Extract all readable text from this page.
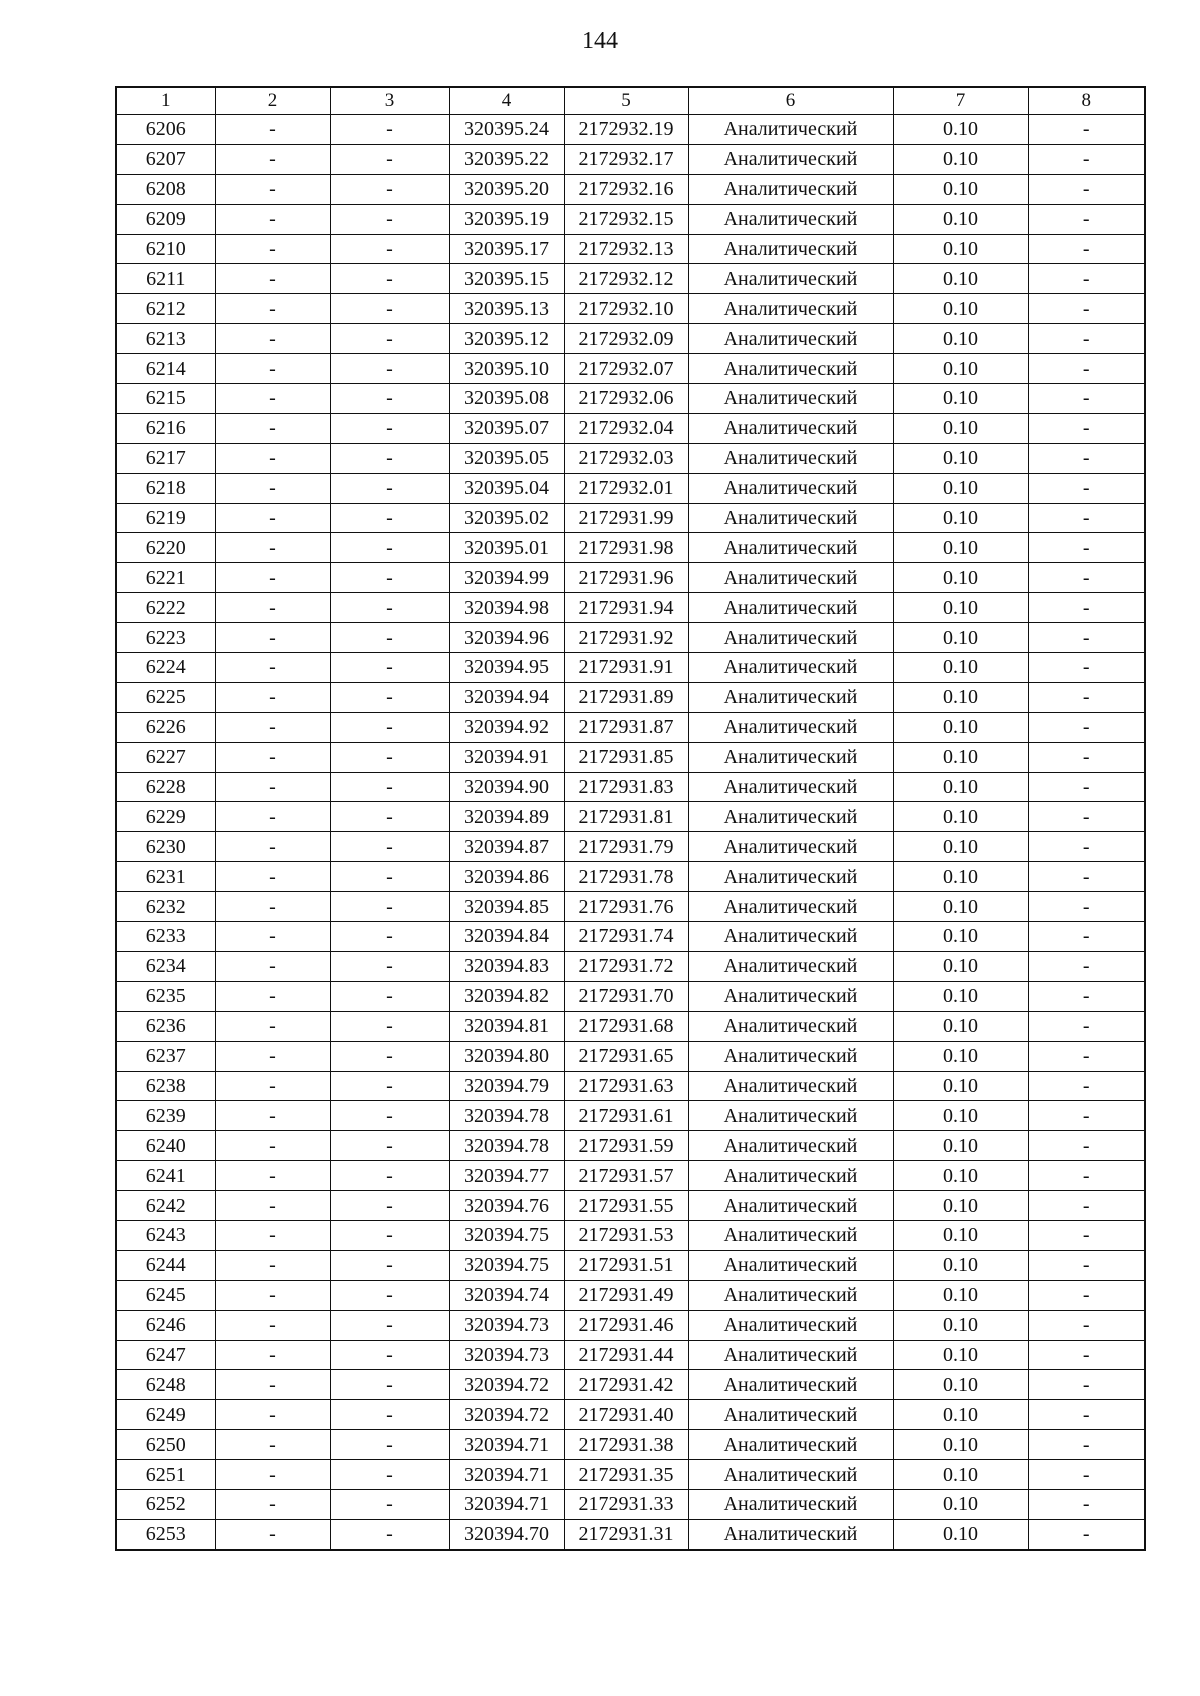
144
1	2	3	4	5	6	7	8
6206	-	-	320395.24	2172932.19	Аналитический	0.10	-
6207	-	-	320395.22	2172932.17	Аналитический	0.10	-
6208	-	-	320395.20	2172932.16	Аналитический	0.10	-
6209	-	-	320395.19	2172932.15	Аналитический	0.10	-
6210	-	-	320395.17	2172932.13	Аналитический	0.10	-
6211	-	-	320395.15	2172932.12	Аналитический	0.10	-
6212	-	-	320395.13	2172932.10	Аналитический	0.10	-
6213	-	-	320395.12	2172932.09	Аналитический	0.10	-
6214	-	-	320395.10	2172932.07	Аналитический	0.10	-
6215	-	-	320395.08	2172932.06	Аналитический	0.10	-
6216	-	-	320395.07	2172932.04	Аналитический	0.10	-
6217	-	-	320395.05	2172932.03	Аналитический	0.10	-
6218	-	-	320395.04	2172932.01	Аналитический	0.10	-
6219	-	-	320395.02	2172931.99	Аналитический	0.10	-
6220	-	-	320395.01	2172931.98	Аналитический	0.10	-
6221	-	-	320394.99	2172931.96	Аналитический	0.10	-
6222	-	-	320394.98	2172931.94	Аналитический	0.10	-
6223	-	-	320394.96	2172931.92	Аналитический	0.10	-
6224	-	-	320394.95	2172931.91	Аналитический	0.10	-
6225	-	-	320394.94	2172931.89	Аналитический	0.10	-
6226	-	-	320394.92	2172931.87	Аналитический	0.10	-
6227	-	-	320394.91	2172931.85	Аналитический	0.10	-
6228	-	-	320394.90	2172931.83	Аналитический	0.10	-
6229	-	-	320394.89	2172931.81	Аналитический	0.10	-
6230	-	-	320394.87	2172931.79	Аналитический	0.10	-
6231	-	-	320394.86	2172931.78	Аналитический	0.10	-
6232	-	-	320394.85	2172931.76	Аналитический	0.10	-
6233	-	-	320394.84	2172931.74	Аналитический	0.10	-
6234	-	-	320394.83	2172931.72	Аналитический	0.10	-
6235	-	-	320394.82	2172931.70	Аналитический	0.10	-
6236	-	-	320394.81	2172931.68	Аналитический	0.10	-
6237	-	-	320394.80	2172931.65	Аналитический	0.10	-
6238	-	-	320394.79	2172931.63	Аналитический	0.10	-
6239	-	-	320394.78	2172931.61	Аналитический	0.10	-
6240	-	-	320394.78	2172931.59	Аналитический	0.10	-
6241	-	-	320394.77	2172931.57	Аналитический	0.10	-
6242	-	-	320394.76	2172931.55	Аналитический	0.10	-
6243	-	-	320394.75	2172931.53	Аналитический	0.10	-
6244	-	-	320394.75	2172931.51	Аналитический	0.10	-
6245	-	-	320394.74	2172931.49	Аналитический	0.10	-
6246	-	-	320394.73	2172931.46	Аналитический	0.10	-
6247	-	-	320394.73	2172931.44	Аналитический	0.10	-
6248	-	-	320394.72	2172931.42	Аналитический	0.10	-
6249	-	-	320394.72	2172931.40	Аналитический	0.10	-
6250	-	-	320394.71	2172931.38	Аналитический	0.10	-
6251	-	-	320394.71	2172931.35	Аналитический	0.10	-
6252	-	-	320394.71	2172931.33	Аналитический	0.10	-
6253	-	-	320394.70	2172931.31	Аналитический	0.10	-
